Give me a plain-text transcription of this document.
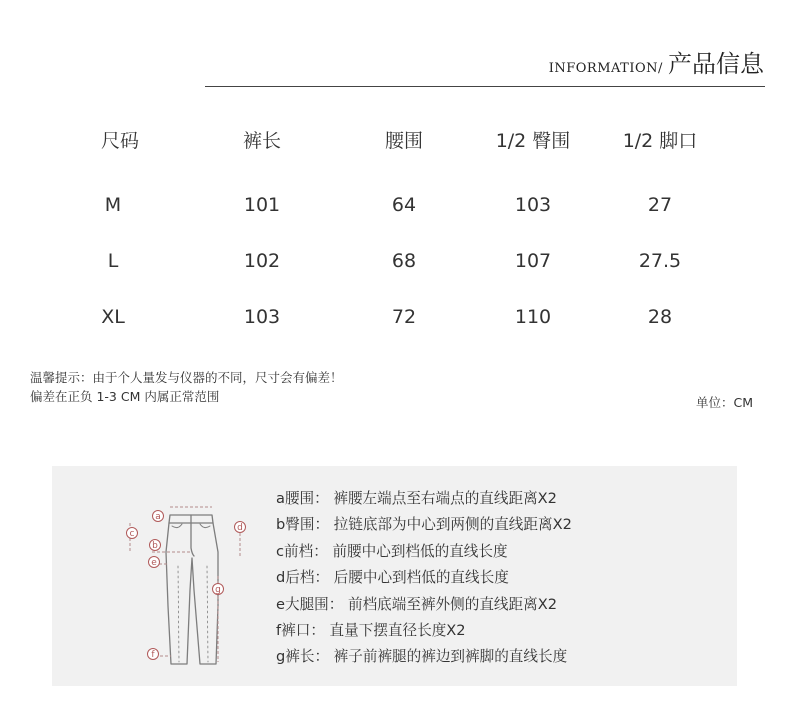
INFORMATION/ 产品信息
尺码	裤长	腰围	1/2 臀围	1/2 脚口
M	101	64	103	27
L	102	68	107	27.5
XL	103	72	110	28
温馨提示：由于个人量发与仪器的不同，尺寸会有偏差！
偏差在正负 1-3 CM 内属正常范围	单位：CM
a
b
c
d
e
f
g
a腰围： 裤腰左端点至右端点的直线距离X2
b臀围： 拉链底部为中心到两侧的直线距离X2
c前档： 前腰中心到档低的直线长度
d后档： 后腰中心到档低的直线长度
e大腿围： 前档底端至裤外侧的直线距离X2
f裤口： 直量下摆直径长度X2
g裤长： 裤子前裤腿的裤边到裤脚的直线长度
